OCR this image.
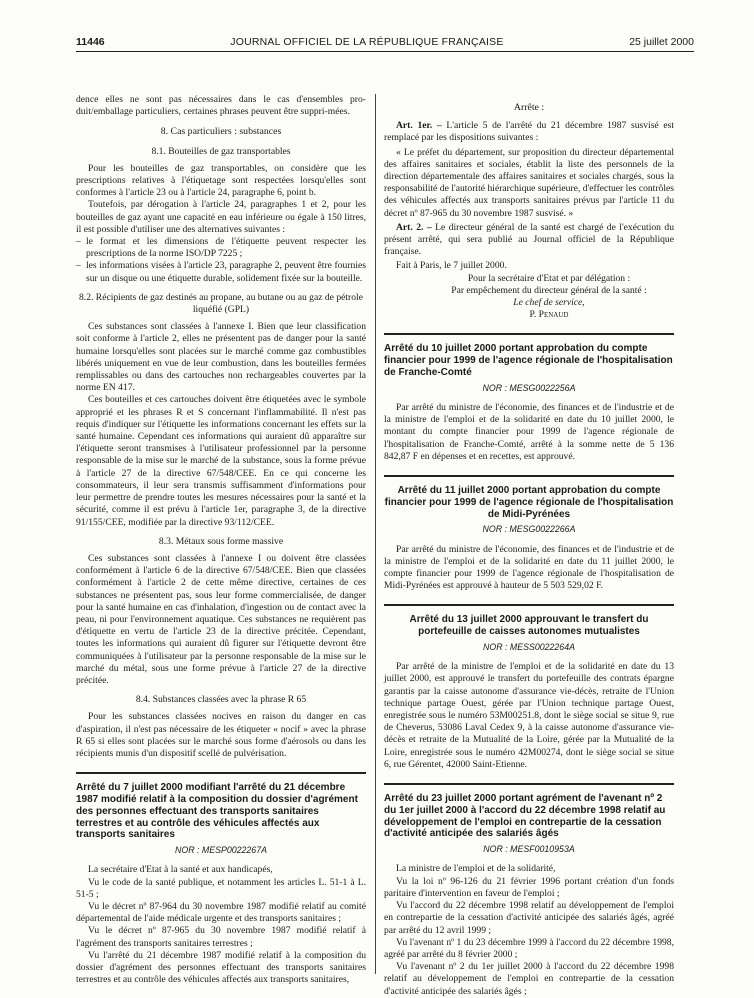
11446	JOURNAL OFFICIEL DE LA RÉPUBLIQUE FRANÇAISE	25 juillet 2000

dence elles ne sont pas nécessaires dans le cas d'ensembles pro-duit/emballage particuliers, certaines phrases peuvent être suppri-mées.

8. Cas particuliers : substances
8.1. Bouteilles de gaz transportables

Pour les bouteilles de gaz transportables, on considère que les prescriptions relatives à l'étiquetage sont respectées lorsqu'elles sont conformes à l'article 23 ou à l'article 24, paragraphe 6, point b.

Toutefois, par dérogation à l'article 24, paragraphes 1 et 2, pour les bouteilles de gaz ayant une capacité en eau inférieure ou égale à 150 litres, il est possible d'utiliser une des alternatives suivantes :

– le format et les dimensions de l'étiquette peuvent respecter les prescriptions de la norme ISO/DP 7225 ;
– les informations visées à l'article 23, paragraphe 2, peuvent être fournies sur un disque ou une étiquette durable, solidement fixée sur la bouteille.
8.2. Récipients de gaz destinés au propane, au butane ou au gaz de pétrole liquéfié (GPL)

Ces substances sont classées à l'annexe I. Bien que leur classification soit conforme à l'article 2, elles ne présentent pas de danger pour la santé humaine lorsqu'elles sont placées sur le marché comme gaz combustibles libérés uniquement en vue de leur combustion, dans les bouteilles fermées remplissables ou dans des cartouches non rechargeables couvertes par la norme EN 417.

Ces bouteilles et ces cartouches doivent être étiquetées avec le symbole approprié et les phrases R et S concernant l'inflammabilité. Il n'est pas requis d'indiquer sur l'étiquette les informations concernant les effets sur la santé humaine. Cependant ces informations qui auraient dû apparaître sur l'étiquette seront transmises à l'utilisateur professionnel par la personne responsable de la mise sur le marché de la substance, sous la forme prévue à l'article 27 de la directive 67/548/CEE. En ce qui concerne les consommateurs, il leur sera transmis suffisamment d'informations pour leur permettre de prendre toutes les mesures nécessaires pour la santé et la sécurité, comme il est prévu à l'article 1er, paragraphe 3, de la directive 91/155/CEE, modifiée par la directive 93/112/CEE.

8.3. Métaux sous forme massive

Ces substances sont classées à l'annexe I ou doivent être classées conformément à l'article 6 de la directive 67/548/CEE. Bien que classées conformément à l'article 2 de cette même directive, certaines de ces substances ne présentent pas, sous leur forme commercialisée, de danger pour la santé humaine en cas d'inhalation, d'ingestion ou de contact avec la peau, ni pour l'environnement aquatique. Ces substances ne requièrent pas d'étiquette en vertu de l'article 23 de la directive précitée. Cependant, toutes les informations qui auraient dû figurer sur l'étiquette devront être communiquées à l'utilisateur par la personne responsable de la mise sur le marché du métal, sous une forme prévue à l'article 27 de la directive précitée.

8.4. Substances classées avec la phrase R 65

Pour les substances classées nocives en raison du danger en cas d'aspiration, il n'est pas nécessaire de les étiqueter « nocif » avec la phrase R 65 si elles sont placées sur le marché sous forme d'aérosols ou dans les récipients munis d'un dispositif scellé de pulvérisation.

Arrêté du 7 juillet 2000 modifiant l'arrêté du 21 décembre 1987 modifié relatif à la composition du dossier d'agrément des personnes effectuant des transports sanitaires terrestres et au contrôle des véhicules affectés aux transports sanitaires
NOR : MESP0022267A

La secrétaire d'Etat à la santé et aux handicapés,

Vu le code de la santé publique, et notamment les articles L. 51-1 à L. 51-5 ;

Vu le décret nº 87-964 du 30 novembre 1987 modifié relatif au comité départemental de l'aide médicale urgente et des transports sanitaires ;

Vu le décret nº 87-965 du 30 novembre 1987 modifié relatif à l'agrément des transports sanitaires terrestres ;

Vu l'arrêté du 21 décembre 1987 modifié relatif à la composition du dossier d'agrément des personnes effectuant des transports sanitaires terrestres et au contrôle des véhicules affectés aux transports sanitaires,

Arrête :

Art. 1er. – L'article 5 de l'arrêté du 21 décembre 1987 susvisé est remplacé par les dispositions suivantes :

« Le préfet du département, sur proposition du directeur départemental des affaires sanitaires et sociales, établit la liste des personnels de la direction départementale des affaires sanitaires et sociales chargés, sous la responsabilité de l'autorité hiérarchique supérieure, d'effectuer les contrôles des véhicules affectés aux transports sanitaires prévus par l'article 11 du décret nº 87-965 du 30 novembre 1987 susvisé. »

Art. 2. – Le directeur général de la santé est chargé de l'exécution du présent arrêté, qui sera publié au Journal officiel de la République française.

Fait à Paris, le 7 juillet 2000.

Pour la secrétaire d'Etat et par délégation :
Par empêchement du directeur général de la santé :
Le chef de service,
P. Penaud
Arrêté du 10 juillet 2000 portant approbation du compte financier pour 1999 de l'agence régionale de l'hospitalisation de Franche-Comté
NOR : MESG0022256A

Par arrêté du ministre de l'économie, des finances et de l'industrie et de la ministre de l'emploi et de la solidarité en date du 10 juillet 2000, le montant du compte financier pour 1999 de l'agence régionale de l'hospitalisation de Franche-Comté, arrêté à la somme nette de 5 136 842,87 F en dépenses et en recettes, est approuvé.

Arrêté du 11 juillet 2000 portant approbation du compte financier pour 1999 de l'agence régionale de l'hospitalisation de Midi-Pyrénées
NOR : MESG0022266A

Par arrêté du ministre de l'économie, des finances et de l'industrie et de la ministre de l'emploi et de la solidarité en date du 11 juillet 2000, le compte financier pour 1999 de l'agence régionale de l'hospitalisation de Midi-Pyrénées est approuvé à hauteur de 5 503 529,02 F.

Arrêté du 13 juillet 2000 approuvant le transfert du portefeuille de caisses autonomes mutualistes
NOR : MESS0022264A

Par arrêté de la ministre de l'emploi et de la solidarité en date du 13 juillet 2000, est approuvé le transfert du portefeuille des contrats épargne garantis par la caisse autonome d'assurance vie-décès, retraite de l'Union technique partage Ouest, gérée par l'Union technique partage Ouest, enregistrée sous le numéro 53M00251.8, dont le siège social se situe 9, rue de Cheverus, 53086 Laval Cedex 9, à la caisse autonome d'assurance vie-décès et retraite de la Mutualité de la Loire, gérée par la Mutualité de la Loire, enregistrée sous le numéro 42M00274, dont le siège social se situe 6, rue Gérentet, 42000 Saint-Etienne.

Arrêté du 23 juillet 2000 portant agrément de l'avenant nº 2 du 1er juillet 2000 à l'accord du 22 décembre 1998 relatif au développement de l'emploi en contrepartie de la cessation d'activité anticipée des salariés âgés
NOR : MESF0010953A

La ministre de l'emploi et de la solidarité,

Vu la loi nº 96-126 du 21 février 1996 portant création d'un fonds paritaire d'intervention en faveur de l'emploi ;

Vu l'accord du 22 décembre 1998 relatif au développement de l'emploi en contrepartie de la cessation d'activité anticipée des salariés âgés, agréé par arrêté du 12 avril 1999 ;

Vu l'avenant nº 1 du 23 décembre 1999 à l'accord du 22 décembre 1998, agréé par arrêté du 8 février 2000 ;

Vu l'avenant nº 2 du 1er juillet 2000 à l'accord du 22 décembre 1998 relatif au développement de l'emploi en contrepartie de la cessation d'activité anticipée des salariés âgés ;
